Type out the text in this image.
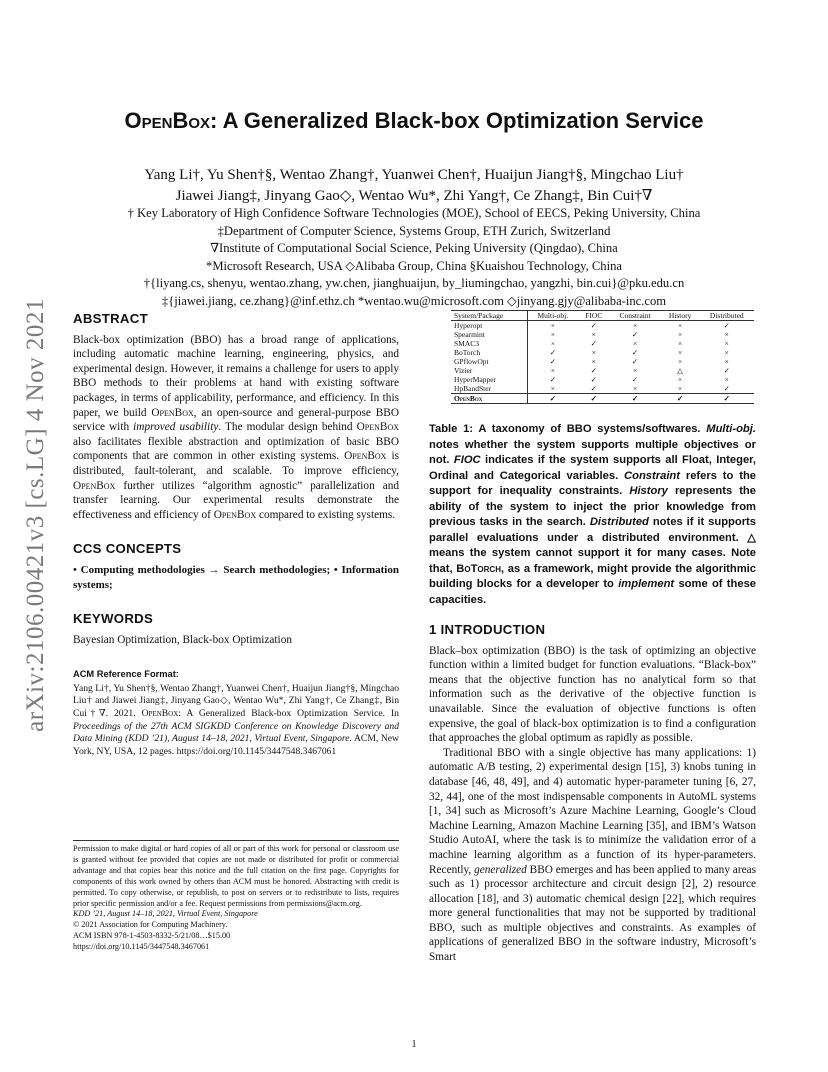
arXiv:2106.00421v3 [cs.LG] 4 Nov 2021
OpenBox: A Generalized Black-box Optimization Service
Yang Li†, Yu Shen†§, Wentao Zhang†, Yuanwei Chen†, Huaijun Jiang†§, Mingchao Liu†
Jiawei Jiang‡, Jinyang Gao◇, Wentao Wu*, Zhi Yang†, Ce Zhang‡, Bin Cui†∇
† Key Laboratory of High Confidence Software Technologies (MOE), School of EECS, Peking University, China
‡Department of Computer Science, Systems Group, ETH Zurich, Switzerland
∇Institute of Computational Social Science, Peking University (Qingdao), China
*Microsoft Research, USA ◇Alibaba Group, China §Kuaishou Technology, China
†{liyang.cs, shenyu, wentao.zhang, yw.chen, jianghuaijun, by_liumingchao, yangzhi, bin.cui}@pku.edu.cn
‡{jiawei.jiang, ce.zhang}@inf.ethz.ch *wentao.wu@microsoft.com ◇jinyang.gjy@alibaba-inc.com
ABSTRACT

Black-box optimization (BBO) has a broad range of applications, including automatic machine learning, engineering, physics, and experimental design. However, it remains a challenge for users to apply BBO methods to their problems at hand with existing software packages, in terms of applicability, performance, and efficiency. In this paper, we build OpenBox, an open-source and general-purpose BBO service with improved usability. The modular design behind OpenBox also facilitates flexible abstraction and optimization of basic BBO components that are common in other existing systems. OpenBox is distributed, fault-tolerant, and scalable. To improve efficiency, OpenBox further utilizes “algorithm agnostic” parallelization and transfer learning. Our experimental results demonstrate the effectiveness and efficiency of OpenBox compared to existing systems.

CCS CONCEPTS

• Computing methodologies → Search methodologies; • Information systems;

KEYWORDS

Bayesian Optimization, Black-box Optimization

ACM Reference Format:

Yang Li†, Yu Shen†§, Wentao Zhang†, Yuanwei Chen†, Huaijun Jiang†§, Mingchao Liu† and Jiawei Jiang‡, Jinyang Gao◇, Wentao Wu*, Zhi Yang†, Ce Zhang‡, Bin Cui†∇. 2021. OpenBox: A Generalized Black-box Optimization Service. In Proceedings of the 27th ACM SIGKDD Conference on Knowledge Discovery and Data Mining (KDD ’21), August 14–18, 2021, Virtual Event, Singapore. ACM, New York, NY, USA, 12 pages. https://doi.org/10.1145/3447548.3467061

Permission to make digital or hard copies of all or part of this work for personal or classroom use is granted without fee provided that copies are not made or distributed for profit or commercial advantage and that copies bear this notice and the full citation on the first page. Copyrights for components of this work owned by others than ACM must be honored. Abstracting with credit is permitted. To copy otherwise, or republish, to post on servers or to redistribute to lists, requires prior specific permission and/or a fee. Request permissions from permissions@acm.org.

KDD ’21, August 14–18, 2021, Virtual Event, Singapore
© 2021 Association for Computing Machinery.
ACM ISBN 978-1-4503-8332-5/21/08…$15.00
https://doi.org/10.1145/3447548.3467061
System/Package	Multi-obj.	FIOC	Constraint	History	Distributed
Hyperopt	×	✓	×	×	✓
Spearmint	×	×	✓	×	×
SMAC3	×	✓	×	×	×
BoTorch	✓	×	✓	×	×
GPflowOpt	✓	×	✓	×	×
Vizier	×	✓	×	△	✓
HyperMapper	✓	✓	✓	×	×
HpBandSter	×	✓	×	×	✓
OpenBox	✓	✓	✓	✓	✓

Table 1: A taxonomy of BBO systems/softwares. Multi-obj. notes whether the system supports multiple objectives or not. FIOC indicates if the system supports all Float, Integer, Ordinal and Categorical variables. Constraint refers to the support for inequality constraints. History represents the ability of the system to inject the prior knowledge from previous tasks in the search. Distributed notes if it supports parallel evaluations under a distributed environment. △ means the system cannot support it for many cases. Note that, BoTorch, as a framework, might provide the algorithmic building blocks for a developer to implement some of these capacities.

1 INTRODUCTION

Black–box optimization (BBO) is the task of optimizing an objective function within a limited budget for function evaluations. “Black-box” means that the objective function has no analytical form so that information such as the derivative of the objective function is unavailable. Since the evaluation of objective functions is often expensive, the goal of black-box optimization is to find a configuration that approaches the global optimum as rapidly as possible.

Traditional BBO with a single objective has many applications: 1) automatic A/B testing, 2) experimental design [15], 3) knobs tuning in database [46, 48, 49], and 4) automatic hyper-parameter tuning [6, 27, 32, 44], one of the most indispensable components in AutoML systems [1, 34] such as Microsoft’s Azure Machine Learning, Google’s Cloud Machine Learning, Amazon Machine Learning [35], and IBM’s Watson Studio AutoAI, where the task is to minimize the validation error of a machine learning algorithm as a function of its hyper-parameters. Recently, generalized BBO emerges and has been applied to many areas such as 1) processor architecture and circuit design [2], 2) resource allocation [18], and 3) automatic chemical design [22], which requires more general functionalities that may not be supported by traditional BBO, such as multiple objectives and constraints. As examples of applications of generalized BBO in the software industry, Microsoft’s Smart

1
